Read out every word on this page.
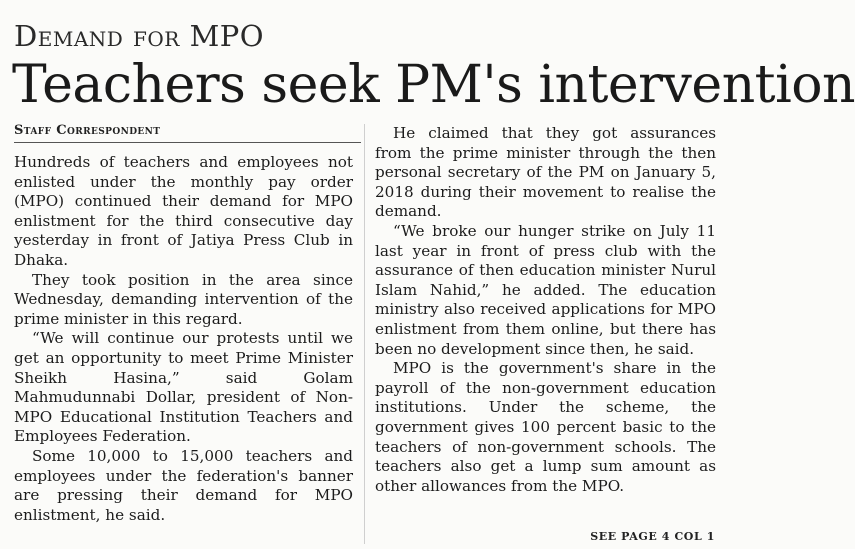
Demand for MPO
Teachers seek PM's intervention
Staff Correspondent

Hundreds of teachers and employees not enlisted under the monthly pay order (MPO) continued their demand for MPO enlistment for the third consecutive day yesterday in front of Jatiya Press Club in Dhaka.

They took position in the area since Wednesday, demanding intervention of the prime minister in this regard.

“We will continue our protests until we get an opportunity to meet Prime Minister Sheikh Hasina,” said Golam Mahmudunnabi Dollar, president of Non-MPO Educational Institution Teachers and Employees Federation.

Some 10,000 to 15,000 teachers and employees under the federation's banner are pressing their demand for MPO enlistment, he said.

He claimed that they got assurances from the prime minister through the then personal secretary of the PM on January 5, 2018 during their movement to realise the demand.

“We broke our hunger strike on July 11 last year in front of press club with the assurance of then education minister Nurul Islam Nahid,” he added. The education ministry also received applications for MPO enlistment from them online, but there has been no development since then, he said.

MPO is the government's share in the payroll of the non-government education institutions. Under the scheme, the government gives 100 percent basic to the teachers of non-government schools. The teachers also get a lump sum amount as other allowances from the MPO.

SEE PAGE 4 COL 1
